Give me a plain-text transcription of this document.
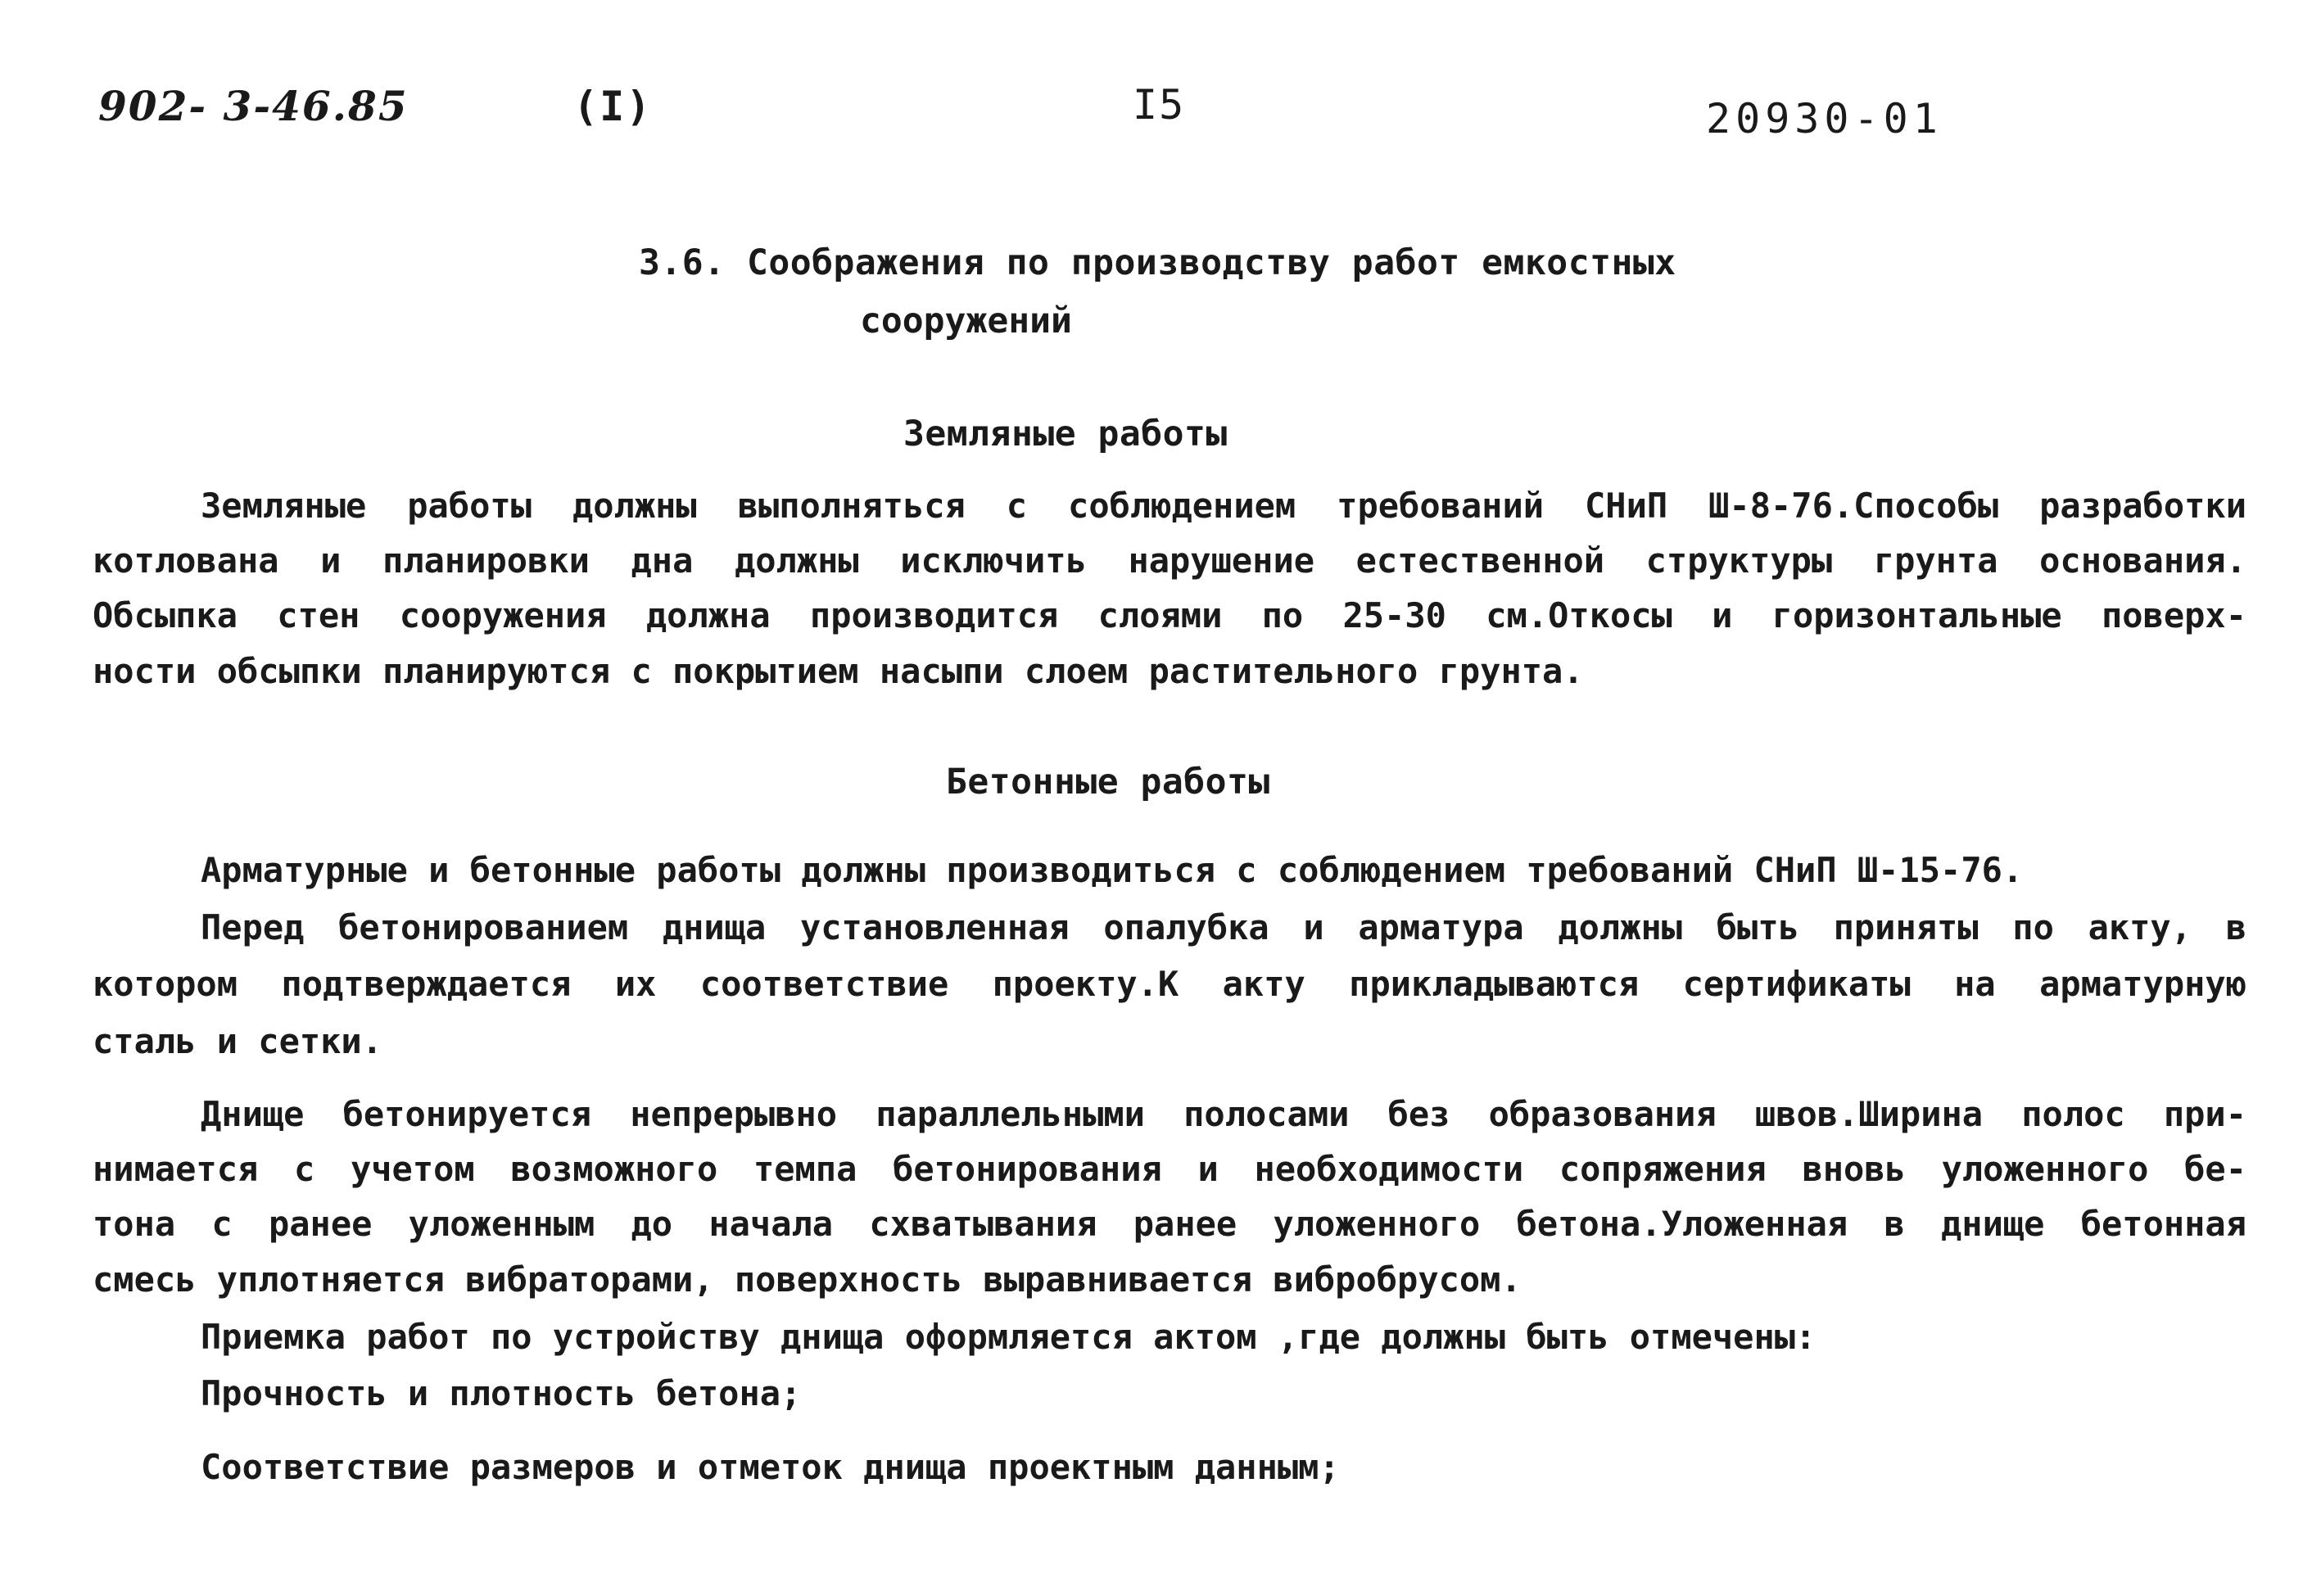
902- 3-46.85	(I)	I5	20930-01
3.6. Соображения по производству работ емкостных
сооружений
Земляные работы
Земляные работы должны выполняться с соблюдением требований СНиП Ш-8-76.Способы разработки
котлована и планировки дна должны исключить нарушение естественной структуры грунта основания.
Обсыпка стен сооружения должна производится слоями по 25-30 см.Откосы и горизонтальные поверх-
ности обсыпки планируются с покрытием насыпи слоем растительного грунта.
Бетонные работы
Арматурные и бетонные работы должны производиться с соблюдением требований СНиП Ш-15-76.
Перед бетонированием днища установленная опалубка и арматура должны быть приняты по акту, в
котором подтверждается их соответствие проекту.К акту прикладываются сертификаты на арматурную
сталь и сетки.
Днище бетонируется непрерывно параллельными полосами без образования швов.Ширина полос при-
нимается с учетом возможного темпа бетонирования и необходимости сопряжения вновь уложенного бе-
тона с ранее уложенным до начала схватывания ранее уложенного бетона.Уложенная в днище бетонная
смесь уплотняется вибраторами, поверхность выравнивается вибробрусом.
Приемка работ по устройству днища оформляется актом ,где должны быть отмечены:
Прочность и плотность бетона;
Соответствие размеров и отметок днища проектным данным;
